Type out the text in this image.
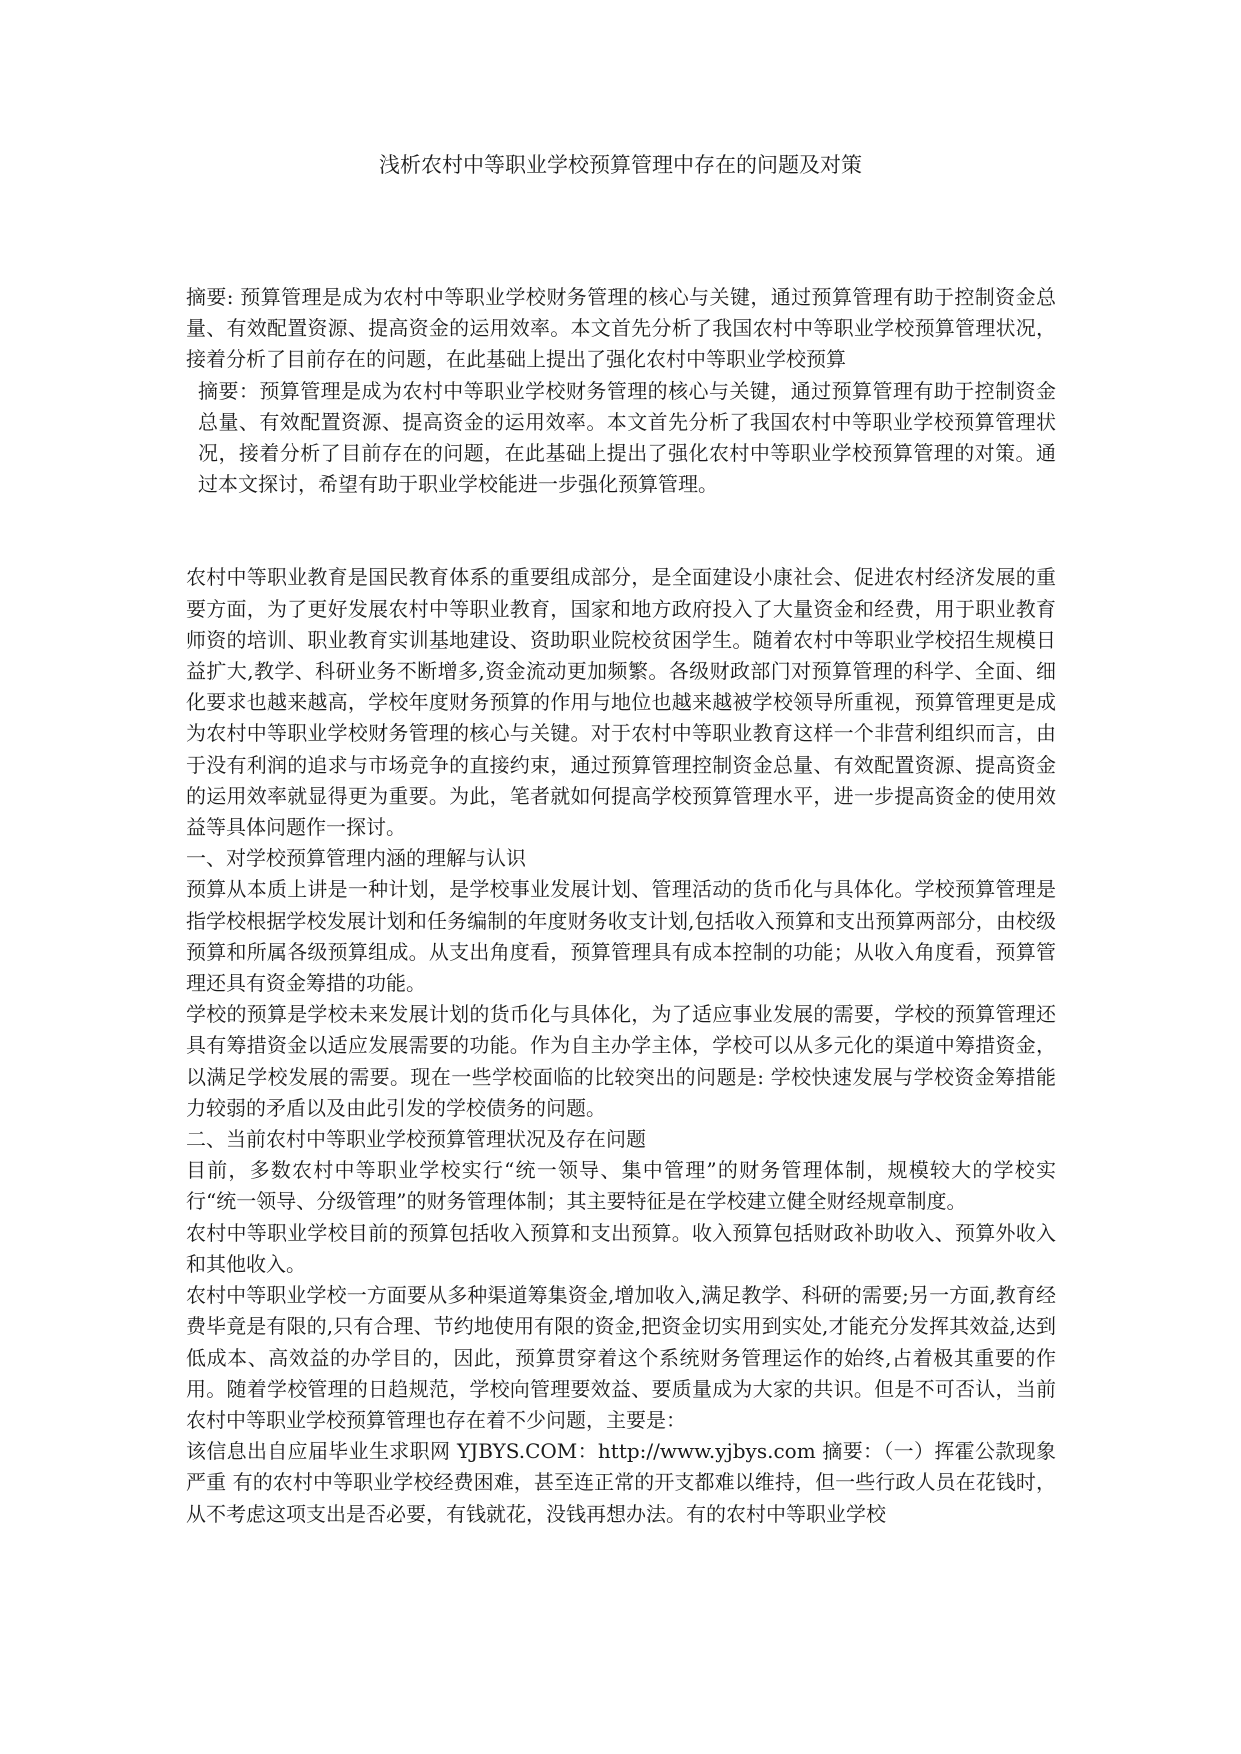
浅析农村中等职业学校预算管理中存在的问题及对策

摘要: 预算管理是成为农村中等职业学校财务管理的核心与关键，通过预算管理有助于控制资金总量、有效配置资源、提高资金的运用效率。本文首先分析了我国农村中等职业学校预算管理状况，接着分析了目前存在的问题，在此基础上提出了强化农村中等职业学校预算

摘要：预算管理是成为农村中等职业学校财务管理的核心与关键，通过预算管理有助于控制资金总量、有效配置资源、提高资金的运用效率。本文首先分析了我国农村中等职业学校预算管理状况，接着分析了目前存在的问题，在此基础上提出了强化农村中等职业学校预算管理的对策。通过本文探讨，希望有助于职业学校能进一步强化预算管理。

农村中等职业教育是国民教育体系的重要组成部分，是全面建设小康社会、促进农村经济发展的重要方面，为了更好发展农村中等职业教育，国家和地方政府投入了大量资金和经费，用于职业教育师资的培训、职业教育实训基地建设、资助职业院校贫困学生。随着农村中等职业学校招生规模日益扩大,教学、科研业务不断增多,资金流动更加频繁。各级财政部门对预算管理的科学、全面、细化要求也越来越高，学校年度财务预算的作用与地位也越来越被学校领导所重视，预算管理更是成为农村中等职业学校财务管理的核心与关键。对于农村中等职业教育这样一个非营利组织而言，由于没有利润的追求与市场竞争的直接约束，通过预算管理控制资金总量、有效配置资源、提高资金的运用效率就显得更为重要。为此，笔者就如何提高学校预算管理水平，进一步提高资金的使用效益等具体问题作一探讨。

一、对学校预算管理内涵的理解与认识

预算从本质上讲是一种计划，是学校事业发展计划、管理活动的货币化与具体化。学校预算管理是指学校根据学校发展计划和任务编制的年度财务收支计划,包括收入预算和支出预算两部分，由校级预算和所属各级预算组成。从支出角度看，预算管理具有成本控制的功能；从收入角度看，预算管理还具有资金筹措的功能。

学校的预算是学校未来发展计划的货币化与具体化，为了适应事业发展的需要，学校的预算管理还具有筹措资金以适应发展需要的功能。作为自主办学主体，学校可以从多元化的渠道中筹措资金，以满足学校发展的需要。现在一些学校面临的比较突出的问题是: 学校快速发展与学校资金筹措能力较弱的矛盾以及由此引发的学校债务的问题。

二、当前农村中等职业学校预算管理状况及存在问题

目前，多数农村中等职业学校实行“统一领导、集中管理”的财务管理体制，规模较大的学校实行“统一领导、分级管理”的财务管理体制；其主要特征是在学校建立健全财经规章制度。

农村中等职业学校目前的预算包括收入预算和支出预算。收入预算包括财政补助收入、预算外收入和其他收入。

农村中等职业学校一方面要从多种渠道筹集资金,增加收入,满足教学、科研的需要;另一方面,教育经费毕竟是有限的,只有合理、节约地使用有限的资金,把资金切实用到实处,才能充分发挥其效益,达到低成本、高效益的办学目的，因此，预算贯穿着这个系统财务管理运作的始终,占着极其重要的作用。随着学校管理的日趋规范，学校向管理要效益、要质量成为大家的共识。但是不可否认，当前农村中等职业学校预算管理也存在着不少问题，主要是：

该信息出自应届毕业生求职网 YJBYS.COM：http://www.yjbys.com 摘要：（一）挥霍公款现象严重 有的农村中等职业学校经费困难，甚至连正常的开支都难以维持，但一些行政人员在花钱时，从不考虑这项支出是否必要，有钱就花，没钱再想办法。有的农村中等职业学校
